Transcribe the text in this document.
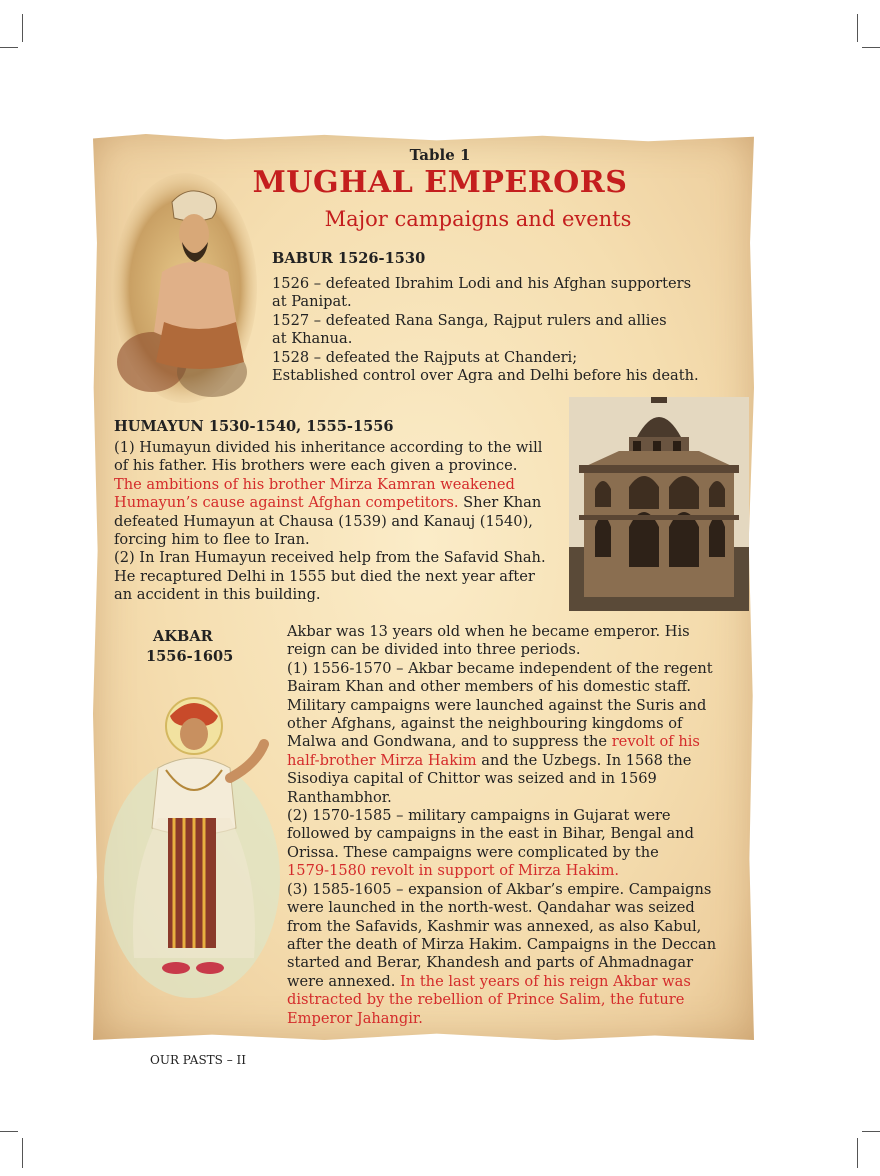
Table 1
MUGHAL EMPERORS
Major campaigns and events
BABUR 1526-1530
1526 – defeated Ibrahim Lodi and his Afghan supporters
at Panipat.
1527 – defeated Rana Sanga, Rajput rulers and allies
at Khanua.
1528 – defeated the Rajputs at Chanderi;
Established control over Agra and Delhi before his death.
HUMAYUN 1530-1540, 1555-1556
(1) Humayun divided his inheritance according to the will
of his father. His brothers were each given a province.
The ambitions of his brother Mirza Kamran weakened
Humayun’s cause against Afghan competitors. Sher Khan
defeated Humayun at Chausa (1539) and Kanauj (1540),
forcing him to flee to Iran.
(2) In Iran Humayun received help from the Safavid Shah.
He recaptured Delhi in 1555 but died the next year after
an accident in this building.
AKBAR
1556-1605
Akbar was 13 years old when he became emperor. His
reign can be divided into three periods.
(1) 1556-1570 – Akbar became independent of the regent
Bairam Khan and other members of his domestic staff.
Military campaigns were launched against the Suris and
other Afghans, against the neighbouring kingdoms of
Malwa and Gondwana, and to suppress the revolt of his
half-brother Mirza Hakim and the Uzbegs. In 1568 the
Sisodiya capital of Chittor was seized and in 1569
Ranthambhor.
(2) 1570-1585 – military campaigns in Gujarat were
followed by campaigns in the east in Bihar, Bengal and
Orissa. These campaigns were complicated by the
1579-1580 revolt in support of Mirza Hakim.
(3) 1585-1605 – expansion of Akbar’s empire. Campaigns
were launched in the north-west. Qandahar was seized
from the Safavids, Kashmir was annexed, as also Kabul,
after the death of Mirza Hakim. Campaigns in the Deccan
started and Berar, Khandesh and parts of Ahmadnagar
were annexed. In the last years of his reign Akbar was
distracted by the rebellion of Prince Salim, the future
Emperor Jahangir.
OUR PASTS – II
